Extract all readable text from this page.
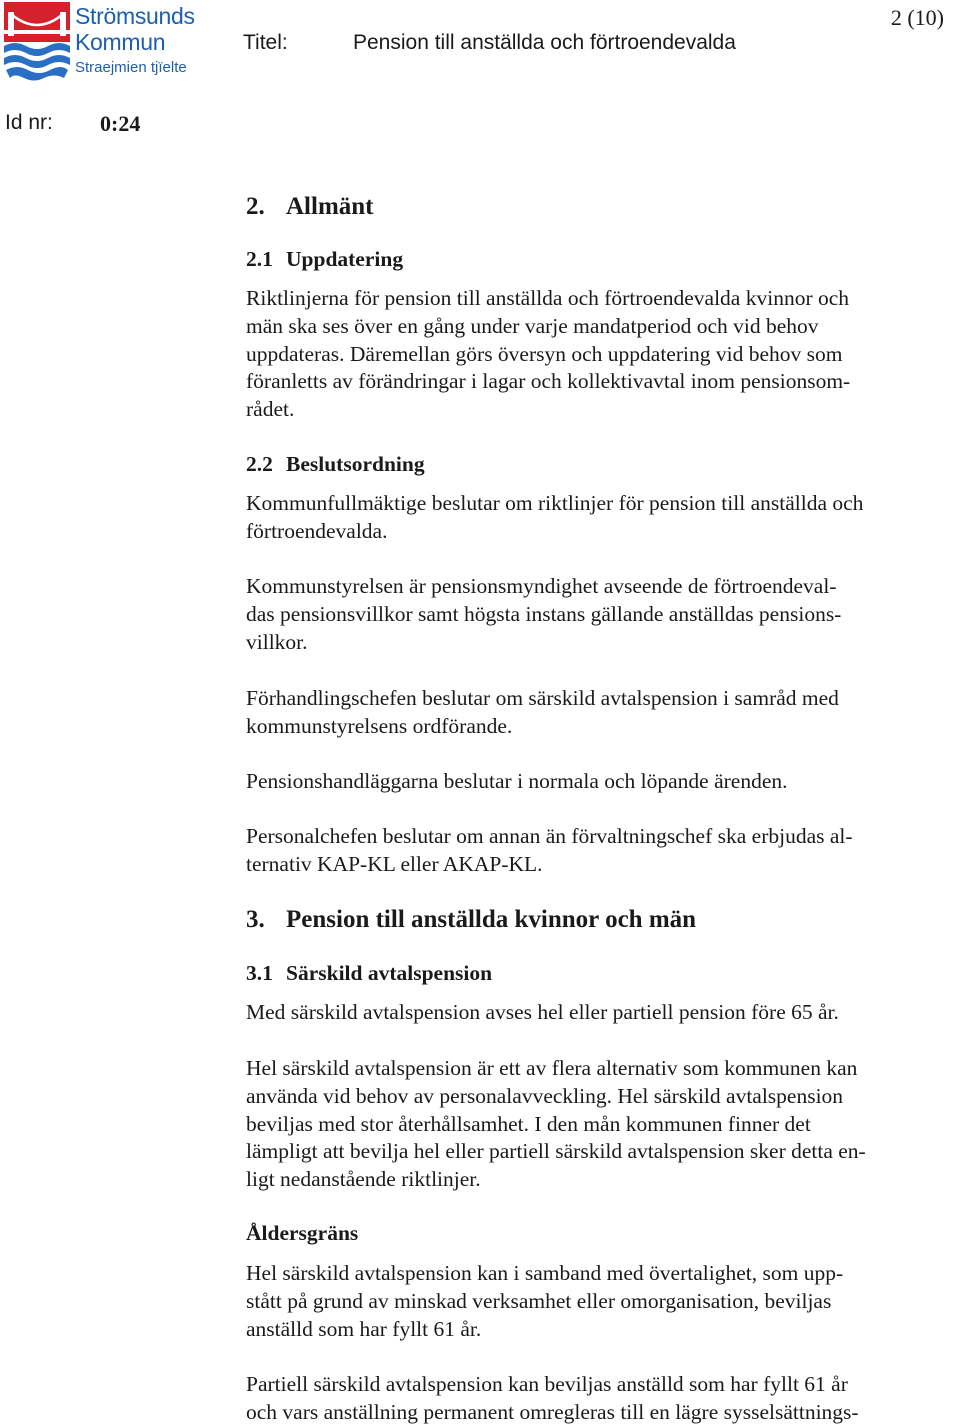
Strömsunds
Kommun
Straejmien tjïelte
Titel:	Pension till anställda och förtroendevalda
2 (10)
Id nr: 0:24
2. Allmänt
2.1 Uppdatering
Riktlinjerna för pension till anställda och förtroendevalda kvinnor och
män ska ses över en gång under varje mandatperiod och vid behov
uppdateras. Däremellan görs översyn och uppdatering vid behov som
föranletts av förändringar i lagar och kollektivavtal inom pensionsom-
rådet.
2.2 Beslutsordning
Kommunfullmäktige beslutar om riktlinjer för pension till anställda och
förtroendevalda.
Kommunstyrelsen är pensionsmyndighet avseende de förtroendeval-
das pensionsvillkor samt högsta instans gällande anställdas pensions-
villkor.
Förhandlingschefen beslutar om särskild avtalspension i samråd med
kommunstyrelsens ordförande.
Pensionshandläggarna beslutar i normala och löpande ärenden.
Personalchefen beslutar om annan än förvaltningschef ska erbjudas al-
ternativ KAP-KL eller AKAP-KL.
3. Pension till anställda kvinnor och män
3.1 Särskild avtalspension
Med särskild avtalspension avses hel eller partiell pension före 65 år.
Hel särskild avtalspension är ett av flera alternativ som kommunen kan
använda vid behov av personalavveckling. Hel särskild avtalspension
beviljas med stor återhållsamhet. I den mån kommunen finner det
lämpligt att bevilja hel eller partiell särskild avtalspension sker detta en-
ligt nedanstående riktlinjer.
Åldersgräns
Hel särskild avtalspension kan i samband med övertalighet, som upp-
stått på grund av minskad verksamhet eller omorganisation, beviljas
anställd som har fyllt 61 år.
Partiell särskild avtalspension kan beviljas anställd som har fyllt 61 år
och vars anställning permanent omregleras till en lägre sysselsättnings-
